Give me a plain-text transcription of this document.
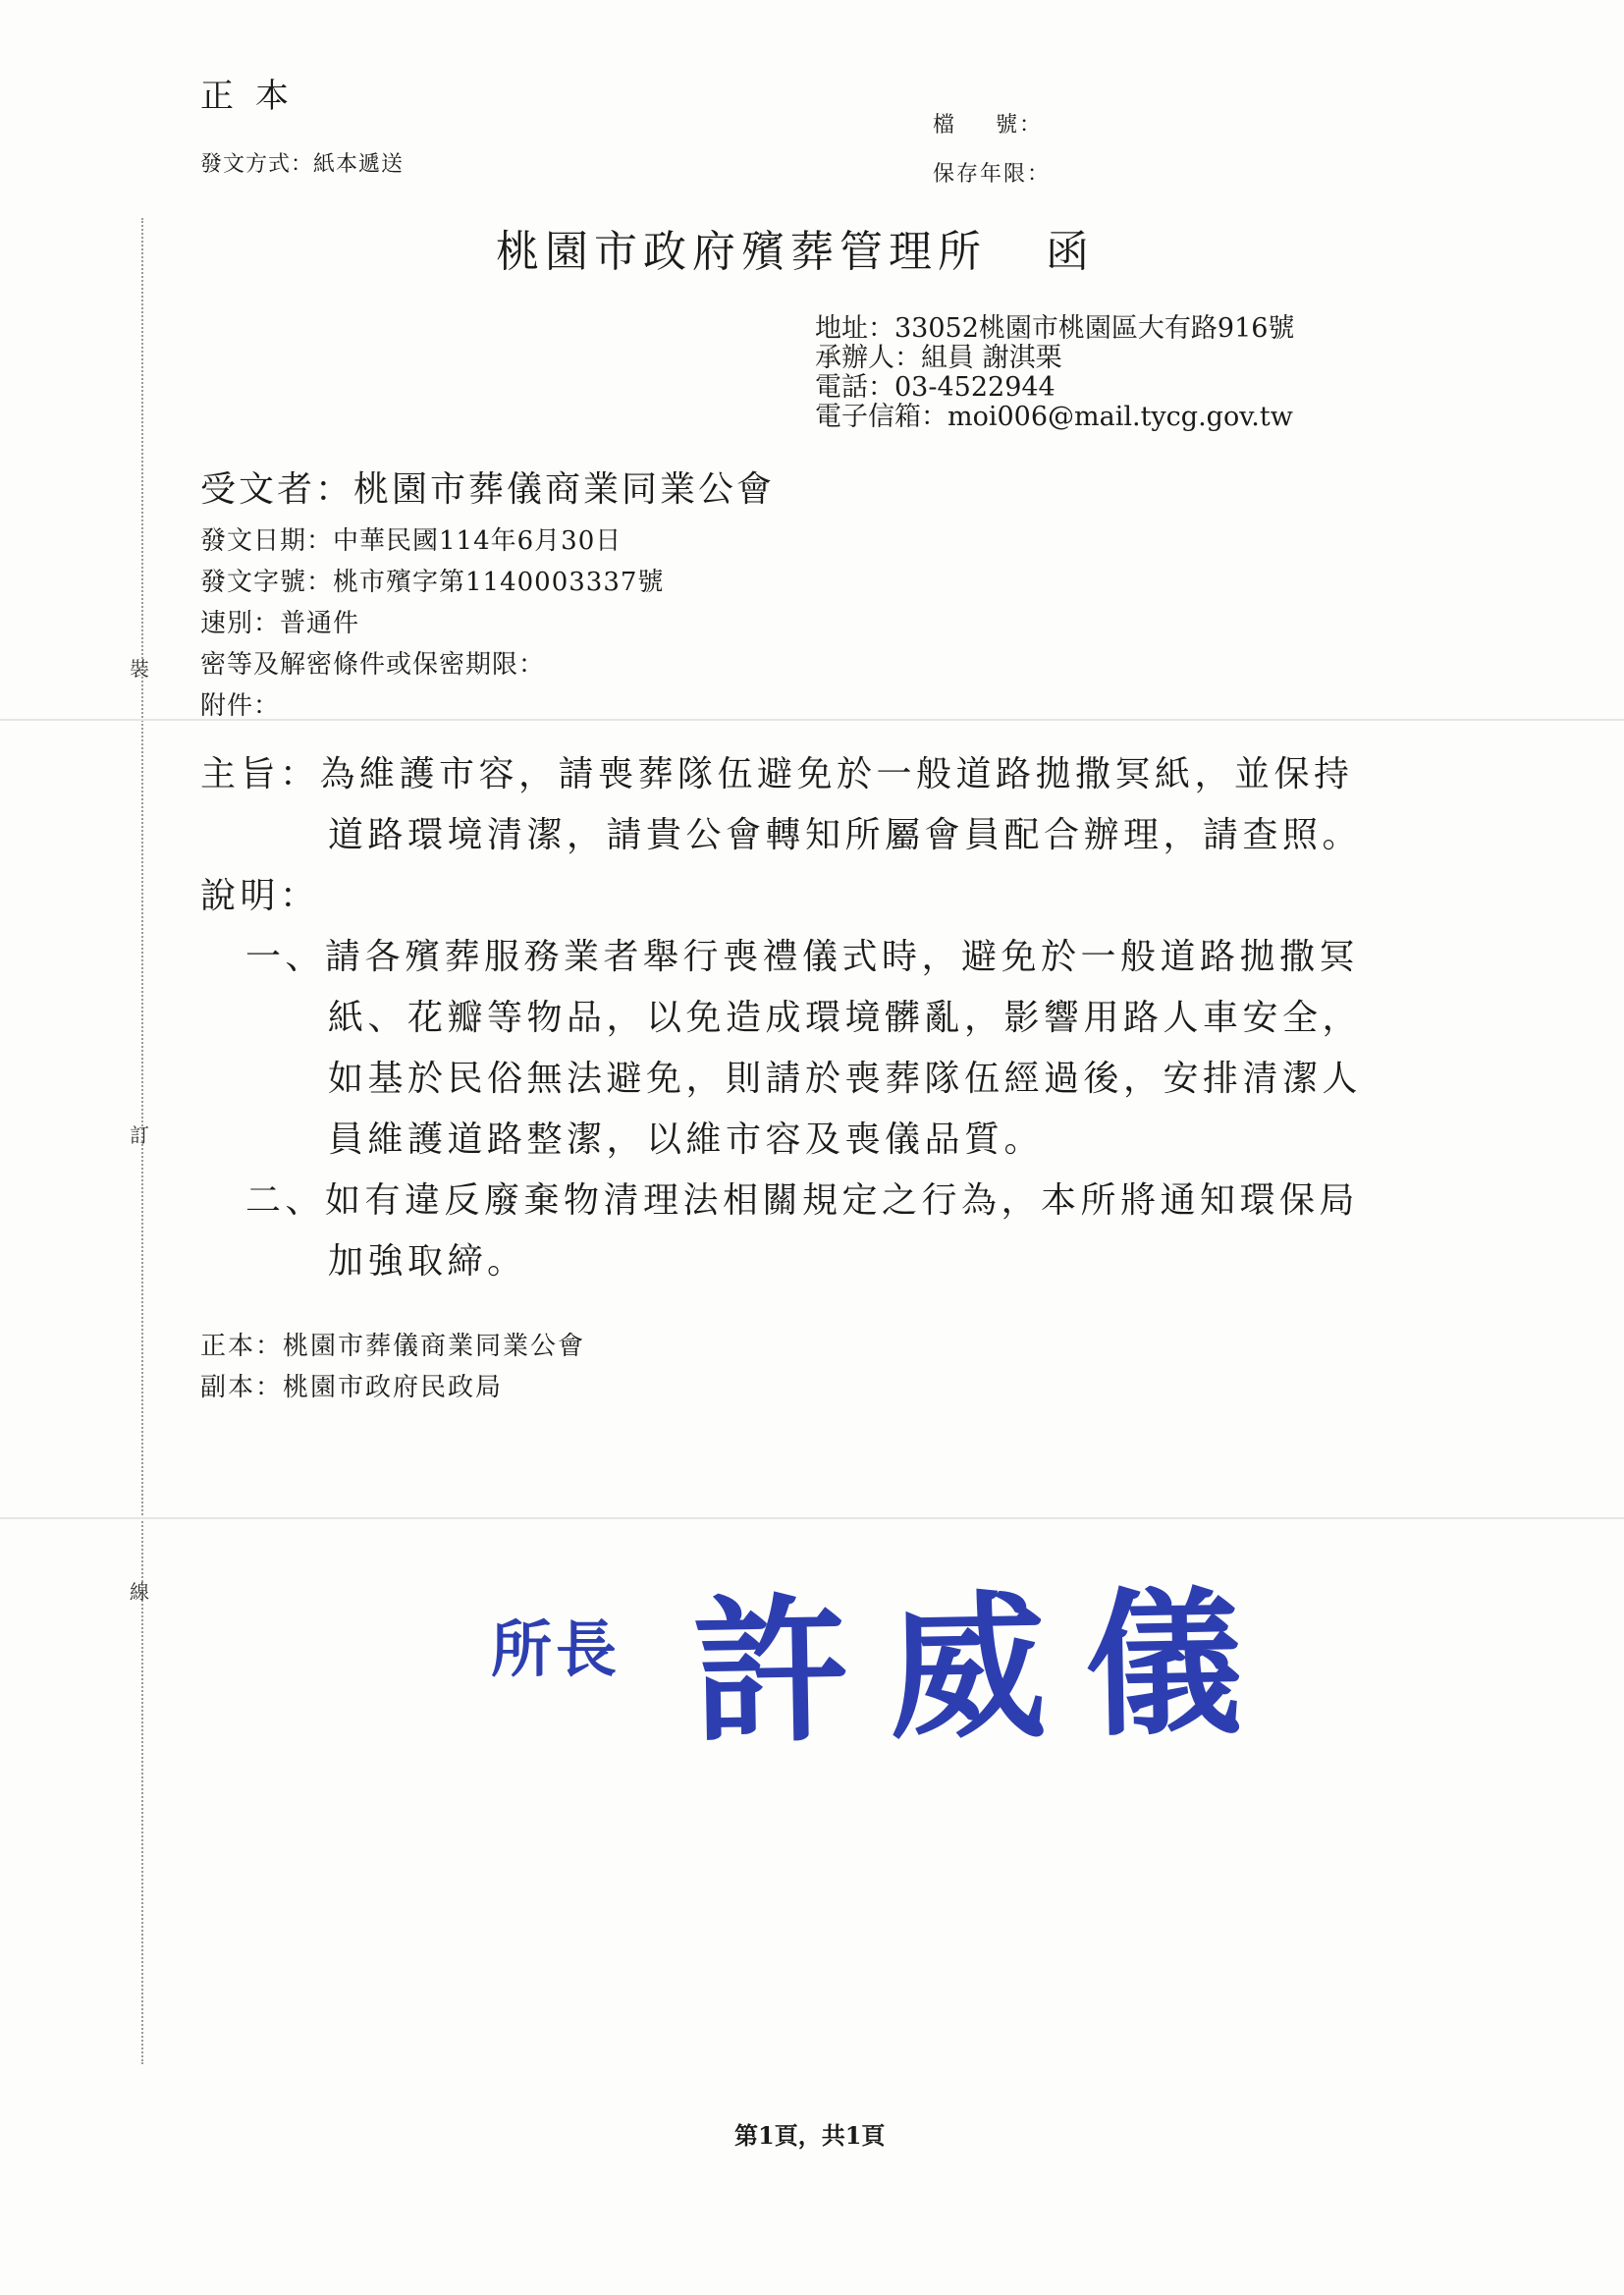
裝
訂
線
正本
發文方式：紙本遞送
檔 號：
保存年限：
桃園市政府殯葬管理所 函
地址：33052桃園市桃園區大有路916號
承辦人：組員 謝淇栗
電話：03-4522944
電子信箱：moi006@mail.tycg.gov.tw
受文者：桃園市葬儀商業同業公會
發文日期：中華民國114年6月30日
發文字號：桃市殯字第1140003337號
速別：普通件
密等及解密條件或保密期限：
附件：
主旨：為維護市容，請喪葬隊伍避免於一般道路拋撒冥紙，並保持
道路環境清潔，請貴公會轉知所屬會員配合辦理，請查照。
說明：
一、請各殯葬服務業者舉行喪禮儀式時，避免於一般道路拋撒冥
紙、花瓣等物品，以免造成環境髒亂，影響用路人車安全，
如基於民俗無法避免，則請於喪葬隊伍經過後，安排清潔人
員維護道路整潔，以維市容及喪儀品質。
二、如有違反廢棄物清理法相關規定之行為，本所將通知環保局
加強取締。
正本：桃園市葬儀商業同業公會
副本：桃園市政府民政局
所長 許威儀
第1頁，共1頁
